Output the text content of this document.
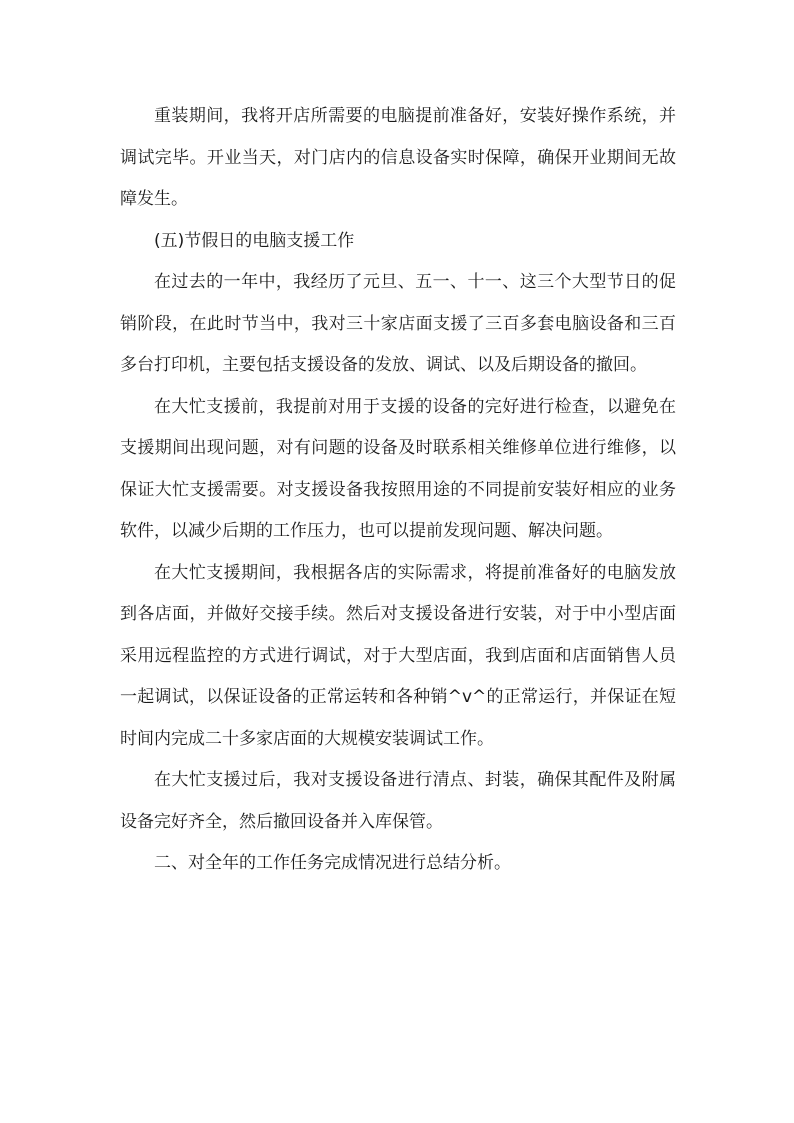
重装期间，我将开店所需要的电脑提前准备好，安装好操作系统，并调试完毕。开业当天，对门店内的信息设备实时保障，确保开业期间无故障发生。

(五)节假日的电脑支援工作

在过去的一年中，我经历了元旦、五一、十一、这三个大型节日的促销阶段，在此时节当中，我对三十家店面支援了三百多套电脑设备和三百多台打印机，主要包括支援设备的发放、调试、以及后期设备的撤回。

在大忙支援前，我提前对用于支援的设备的完好进行检查，以避免在支援期间出现问题，对有问题的设备及时联系相关维修单位进行维修，以保证大忙支援需要。对支援设备我按照用途的不同提前安装好相应的业务软件，以减少后期的工作压力，也可以提前发现问题、解决问题。

在大忙支援期间，我根据各店的实际需求，将提前准备好的电脑发放到各店面，并做好交接手续。然后对支援设备进行安装，对于中小型店面采用远程监控的方式进行调试，对于大型店面，我到店面和店面销售人员一起调试，以保证设备的正常运转和各种销^v^的正常运行，并保证在短时间内完成二十多家店面的大规模安装调试工作。

在大忙支援过后，我对支援设备进行清点、封装，确保其配件及附属设备完好齐全，然后撤回设备并入库保管。

二、对全年的工作任务完成情况进行总结分析。
